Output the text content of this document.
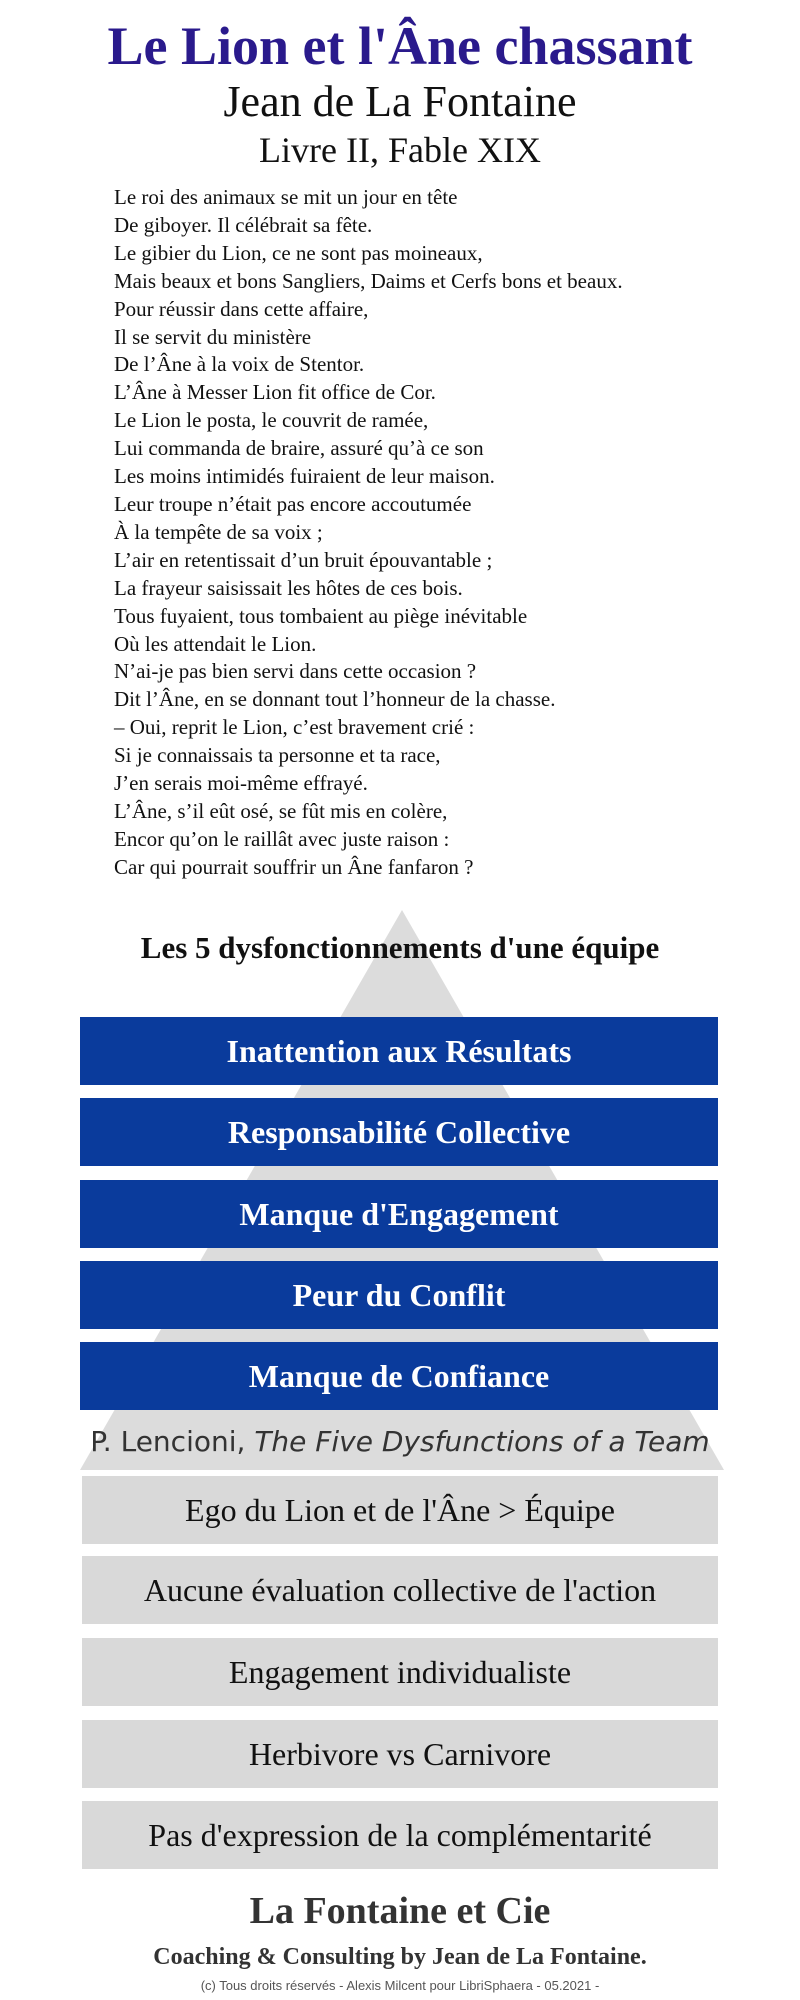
Le Lion et l'Âne chassant
Jean de La Fontaine
Livre II, Fable XIX
Le roi des animaux se mit un jour en tête
De giboyer. Il célébrait sa fête.
Le gibier du Lion, ce ne sont pas moineaux,
Mais beaux et bons Sangliers, Daims et Cerfs bons et beaux.
Pour réussir dans cette affaire,
Il se servit du ministère
De l’Âne à la voix de Stentor.
L’Âne à Messer Lion fit office de Cor.
Le Lion le posta, le couvrit de ramée,
Lui commanda de braire, assuré qu’à ce son
Les moins intimidés fuiraient de leur maison.
Leur troupe n’était pas encore accoutumée
À la tempête de sa voix ;
L’air en retentissait d’un bruit épouvantable ;
La frayeur saisissait les hôtes de ces bois.
Tous fuyaient, tous tombaient au piège inévitable
Où les attendait le Lion.
N’ai-je pas bien servi dans cette occasion ?
Dit l’Âne, en se donnant tout l’honneur de la chasse.
– Oui, reprit le Lion, c’est bravement crié :
Si je connaissais ta personne et ta race,
J’en serais moi-même effrayé.
L’Âne, s’il eût osé, se fût mis en colère,
Encor qu’on le raillât avec juste raison :
Car qui pourrait souffrir un Âne fanfaron ?
Les 5 dysfonctionnements d'une équipe
Inattention aux Résultats
Responsabilité Collective
Manque d'Engagement
Peur du Conflit
Manque de Confiance
P. Lencioni, The Five Dysfunctions of a Team
Ego du Lion et de l'Âne > Équipe
Aucune évaluation collective de l'action
Engagement individualiste
Herbivore vs Carnivore
Pas d'expression de la complémentarité
La Fontaine et Cie
Coaching & Consulting by Jean de La Fontaine.
(c) Tous droits réservés - Alexis Milcent pour LibriSphaera - 05.2021 -
